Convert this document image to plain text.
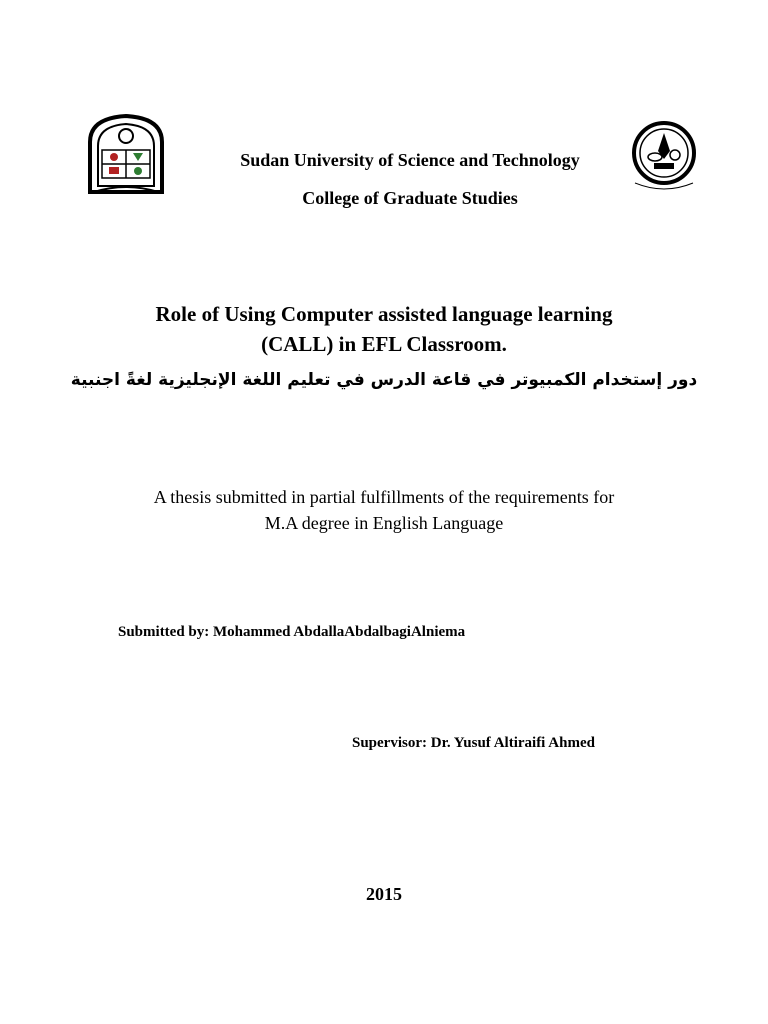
Sudan University of Science and Technology
College of Graduate Studies
Role of Using Computer assisted language learning
(CALL) in EFL Classroom.
دور إستخدام الكمبيوتر في قاعة الدرس في تعليم اللغة الإنجليزية لغةً اجنبية
A thesis submitted in partial fulfillments of the requirements for
M.A degree in English Language
Submitted by: Mohammed AbdallaAbdalbagiAlniema
Supervisor: Dr. Yusuf Altiraifi Ahmed
2015
